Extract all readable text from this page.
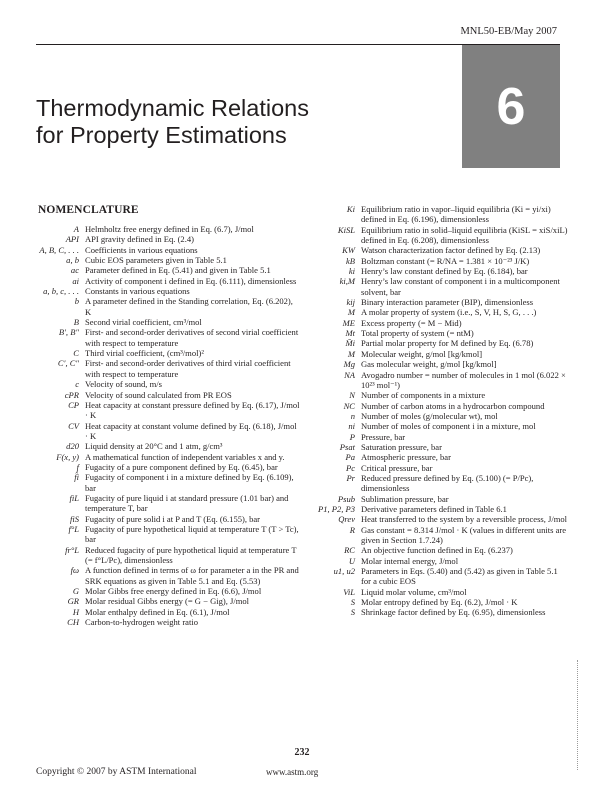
MNL50-EB/May 2007
6
Thermodynamic Relations
for Property Estimations
NOMENCLATURE
A Helmholtz free energy defined in Eq. (6.7), J/mol
API API gravity defined in Eq. (2.4)
A, B, C, . . . Coefficients in various equations
a, b Cubic EOS parameters given in Table 5.1
ac Parameter defined in Eq. (5.41) and given in Table 5.1
ai Activity of component i defined in Eq. (6.111), dimensionless
a, b, c, . . . Constants in various equations
b A parameter defined in the Standing correlation, Eq. (6.202), K
B Second virial coefficient, cm³/mol
B′, B″ First- and second-order derivatives of second virial coefficient with respect to temperature
C Third virial coefficient, (cm³/mol)²
C′, C″ First- and second-order derivatives of third virial coefficient with respect to temperature
c Velocity of sound, m/s
cPR Velocity of sound calculated from PR EOS
CP Heat capacity at constant pressure defined by Eq. (6.17), J/mol · K
CV Heat capacity at constant volume defined by Eq. (6.18), J/mol · K
d20 Liquid density at 20°C and 1 atm, g/cm³
F(x, y) A mathematical function of independent variables x and y.
f Fugacity of a pure component defined by Eq. (6.45), bar
f̂i Fugacity of component i in a mixture defined by Eq. (6.109), bar
fiL Fugacity of pure liquid i at standard pressure (1.01 bar) and temperature T, bar
fiS Fugacity of pure solid i at P and T (Eq. (6.155), bar
f°L Fugacity of pure hypothetical liquid at temperature T (T > Tc), bar
fr°L Reduced fugacity of pure hypothetical liquid at temperature T (= f°L/Pc), dimensionless
fω A function defined in terms of ω for parameter a in the PR and SRK equations as given in Table 5.1 and Eq. (5.53)
G Molar Gibbs free energy defined in Eq. (6.6), J/mol
GR Molar residual Gibbs energy (= G − Gig), J/mol
H Molar enthalpy defined in Eq. (6.1), J/mol
CH Carbon-to-hydrogen weight ratio
Ki Equilibrium ratio in vapor–liquid equilibria (Ki = yi/xi) defined in Eq. (6.196), dimensionless
KiSL Equilibrium ratio in solid–liquid equilibria (KiSL = xiS/xiL) defined in Eq. (6.208), dimensionless
KW Watson characterization factor defined by Eq. (2.13)
kB Boltzman constant (= R/NA = 1.381 × 10⁻²³ J/K)
ki Henry’s law constant defined by Eq. (6.184), bar
ki,M Henry’s law constant of component i in a multicomponent solvent, bar
kij Binary interaction parameter (BIP), dimensionless
M A molar property of system (i.e., S, V, H, S, G, . . .)
ME Excess property (= M − Mid)
Mt Total property of system (= ntM)
M̄i Partial molar property for M defined by Eq. (6.78)
M Molecular weight, g/mol [kg/kmol]
Mg Gas molecular weight, g/mol [kg/kmol]
NA Avogadro number = number of molecules in 1 mol (6.022 × 10²³ mol⁻¹)
N Number of components in a mixture
NC Number of carbon atoms in a hydrocarbon compound
n Number of moles (g/molecular wt), mol
ni Number of moles of component i in a mixture, mol
P Pressure, bar
Psat Saturation pressure, bar
Pa Atmospheric pressure, bar
Pc Critical pressure, bar
Pr Reduced pressure defined by Eq. (5.100) (= P/Pc), dimensionless
Psub Sublimation pressure, bar
P1, P2, P3 Derivative parameters defined in Table 6.1
Qrev Heat transferred to the system by a reversible process, J/mol
R Gas constant = 8.314 J/mol · K (values in different units are given in Section 1.7.24)
RC An objective function defined in Eq. (6.237)
U Molar internal energy, J/mol
u1, u2 Parameters in Eqs. (5.40) and (5.42) as given in Table 5.1 for a cubic EOS
ViL Liquid molar volume, cm³/mol
S Molar entropy defined by Eq. (6.2), J/mol · K
S Shrinkage factor defined by Eq. (6.95), dimensionless
232
Copyright © 2007 by ASTM International	www.astm.org
